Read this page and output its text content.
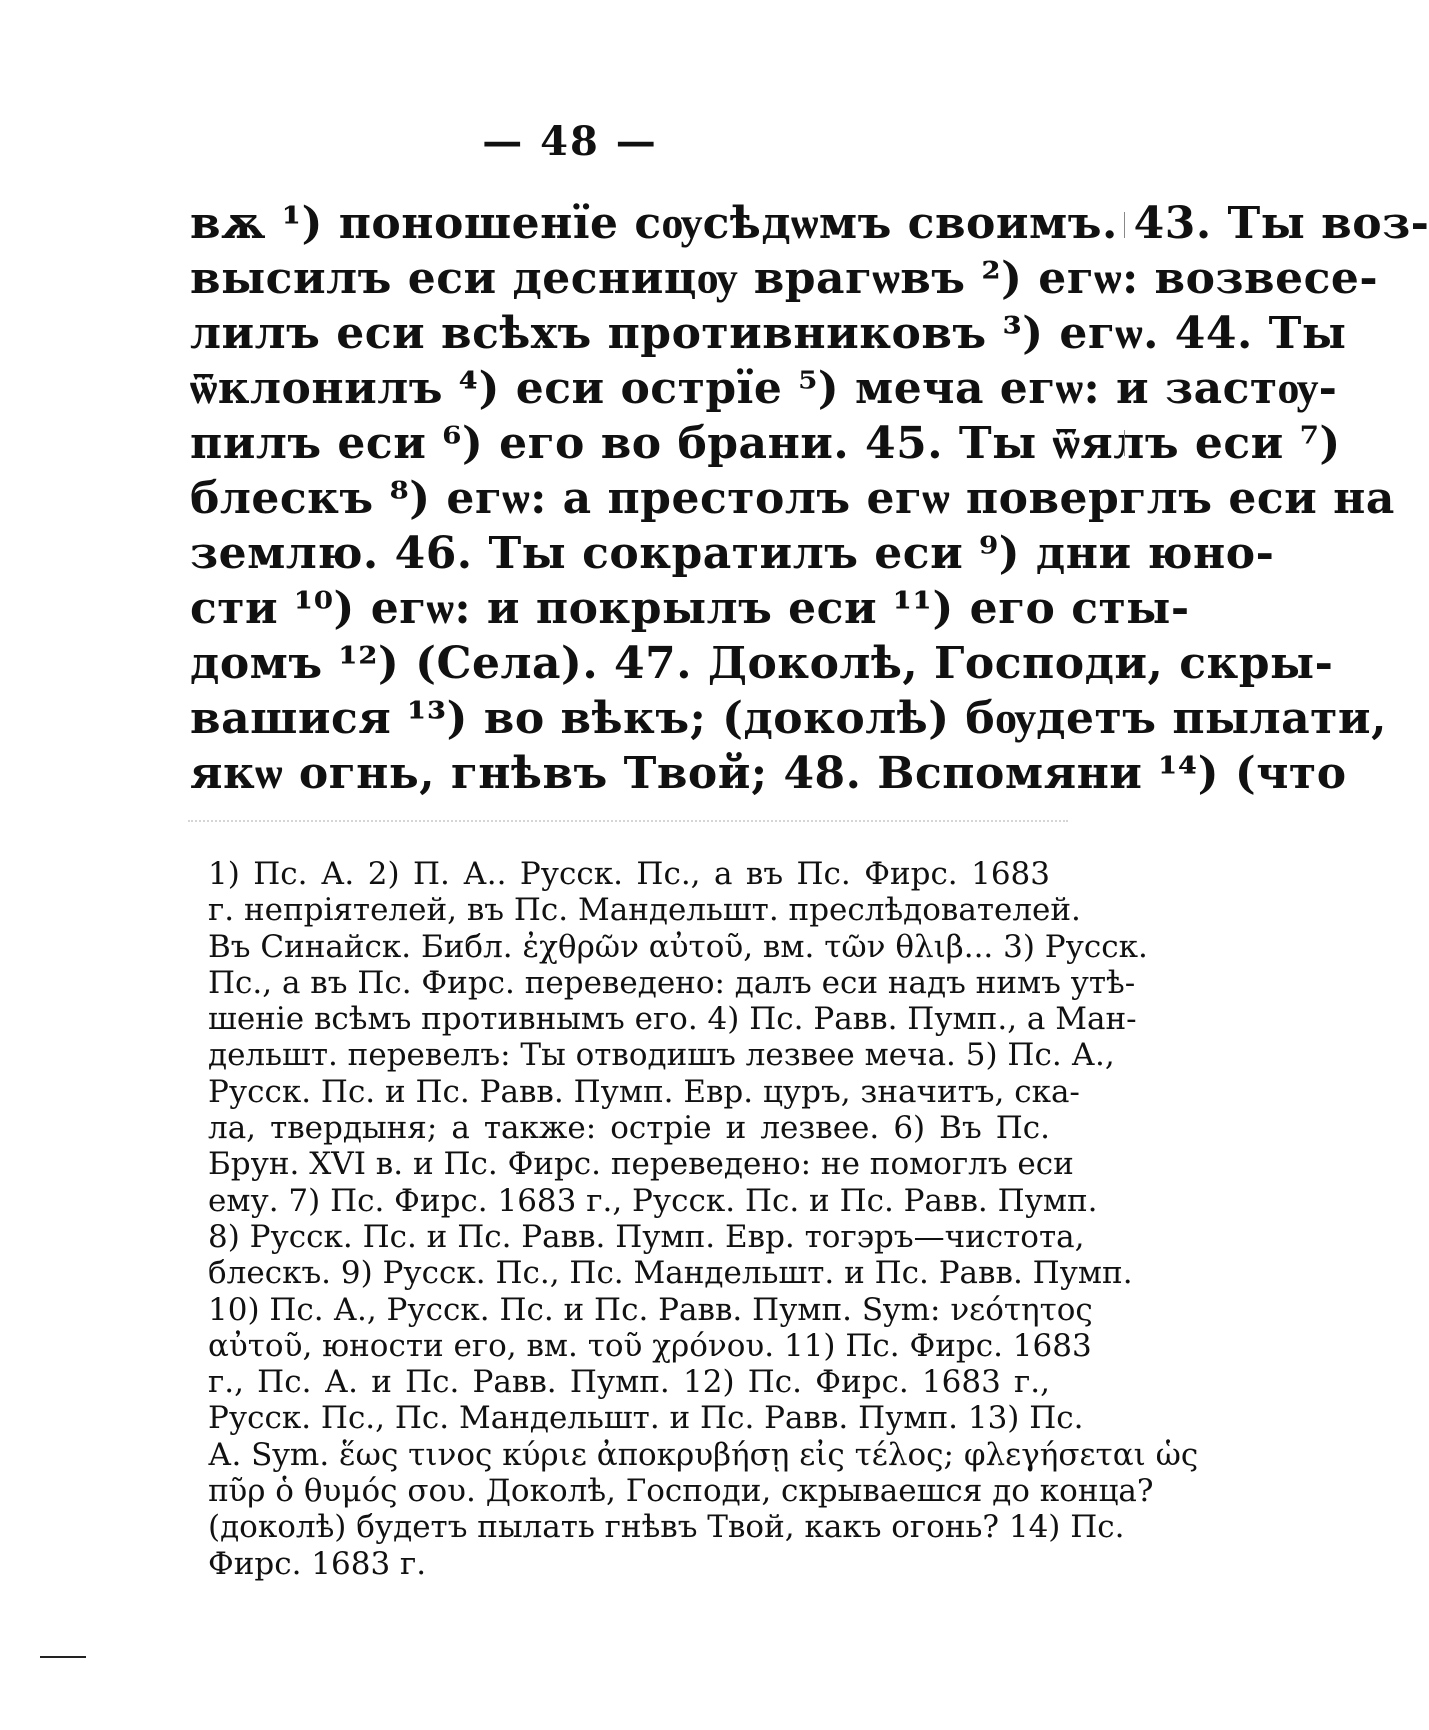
— 48 —
вѫ ¹) поношенїе сѹсѣдѡмъ своимъ. 43. Ты воз-
высилъ еси десницѹ врагѡвъ ²) егѡ: возвесе-
лилъ еси всѣхъ противниковъ ³) егѡ. 44. Ты
ѿклонилъ ⁴) еси острїе ⁵) меча егѡ: и застѹ-
пилъ еси ⁶) его во брани. 45. Ты ѿялъ еси ⁷)
блескъ ⁸) егѡ: а престолъ егѡ поверглъ еси на
землю. 46. Ты сократилъ еси ⁹) дни юно-
сти ¹⁰) егѡ: и покрылъ еси ¹¹) его сты-
домъ ¹²) (Села). 47. Доколѣ, Господи, скры-
вашися ¹³) во вѣкъ; (доколѣ) бѹдетъ пылати,
якѡ огнь, гнѣвъ Твой; 48. Вспомяни ¹⁴) (что
1) Пс. А. 2) П. А.. Русск. Пс., а въ Пс. Фирс. 1683
г. непріятелей, въ Пс. Мандельшт. преслѣдователей.
Въ Синайск. Библ. ἐχθρῶν αὐτοῦ, вм. τῶν θλιβ... 3) Русск.
Пс., а въ Пс. Фирс. переведено: далъ еси надъ нимъ утѣ-
шеніе всѣмъ противнымъ его. 4) Пс. Равв. Пумп., а Ман-
дельшт. перевелъ: Ты отводишъ лезвее меча. 5) Пс. А.,
Русск. Пс. и Пс. Равв. Пумп. Евр. цуръ, значитъ, ска-
ла, твердыня; а также: остріе и лезвее. 6) Въ Пс.
Брун. XVI в. и Пс. Фирс. переведено: не помоглъ еси
ему. 7) Пс. Фирс. 1683 г., Русск. Пс. и Пс. Равв. Пумп.
8) Русск. Пс. и Пс. Равв. Пумп. Евр. тогэръ—чистота,
блескъ. 9) Русск. Пс., Пс. Мандельшт. и Пс. Равв. Пумп.
10) Пс. А., Русск. Пс. и Пс. Равв. Пумп. Sym: νεότητος
αὐτοῦ, юности его, вм. τοῦ χρόνου. 11) Пс. Фирс. 1683
г., Пс. А. и Пс. Равв. Пумп. 12) Пс. Фирс. 1683 г.,
Русск. Пс., Пс. Мандельшт. и Пс. Равв. Пумп. 13) Пс.
А. Sym. ἕως τινος κύριε ἀποκρυβήσῃ εἰς τέλος; φλεγήσεται ὡς
πῦρ ὁ θυμός σου. Доколѣ, Господи, скрываешся до конца?
(доколѣ) будетъ пылать гнѣвъ Твой, какъ огонь? 14) Пс.
Фирс. 1683 г.
